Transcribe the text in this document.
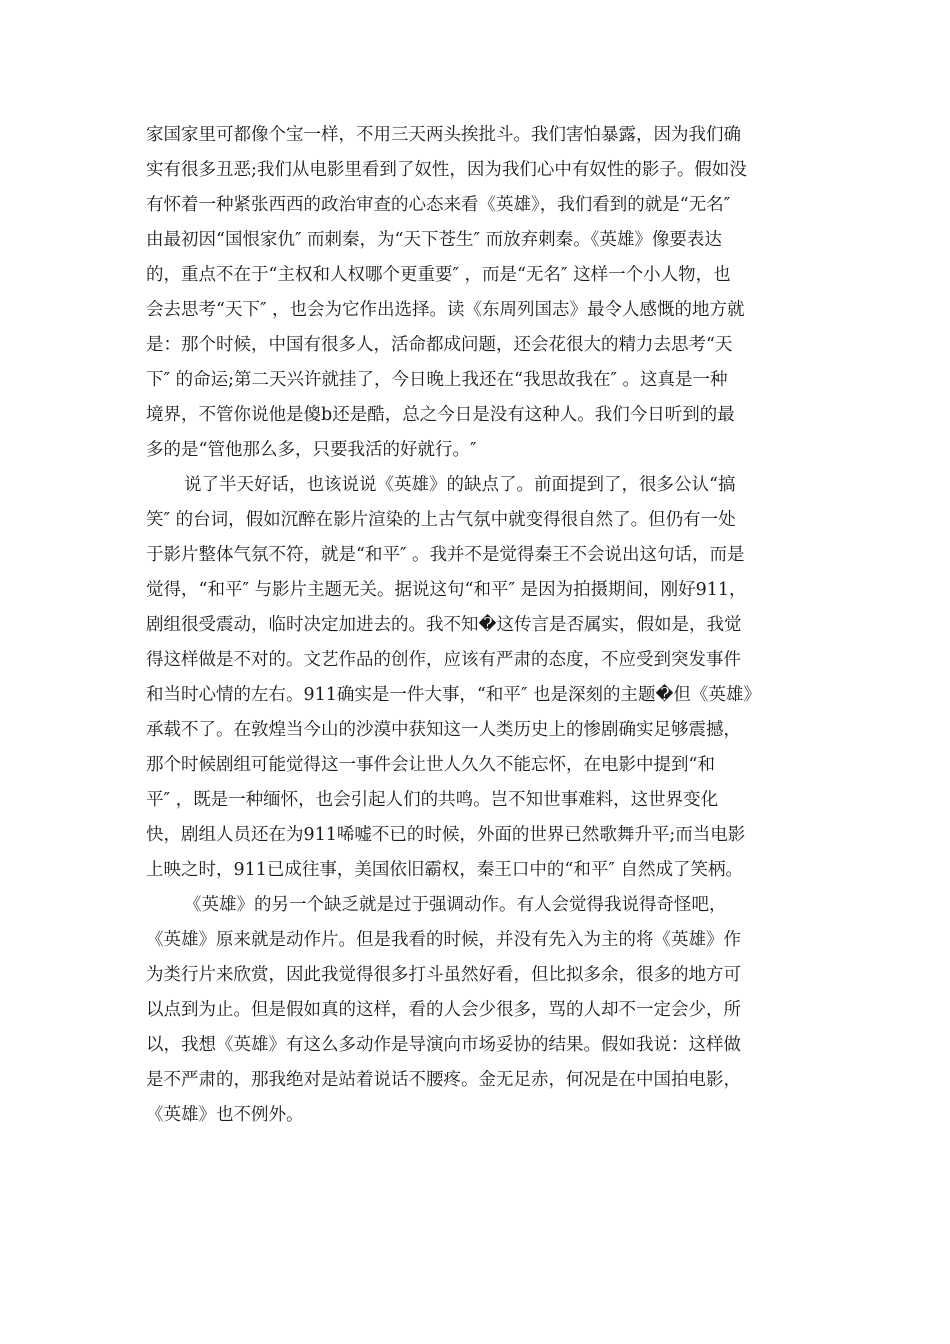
家国家里可都像个宝一样，不用三天两头挨批斗。我们害怕暴露，因为我们确
实有很多丑恶;我们从电影里看到了奴性，因为我们心中有奴性的影子。假如没
有怀着一种紧张西西的政治审查的心态来看《英雄》，我们看到的就是“无名″
由最初因“国恨家仇″ 而刺秦，为“天下苍生″ 而放弃刺秦。《英雄》像要表达
的，重点不在于“主权和人权哪个更重要″ ，而是“无名″ 这样一个小人物，也
会去思考“天下″ ，也会为它作出选择。读《东周列国志》最令人感慨的地方就
是：那个时候，中国有很多人，活命都成问题，还会花很大的精力去思考“天
下″ 的命运;第二天兴许就挂了，今日晚上我还在“我思故我在″ 。这真是一种
境界，不管你说他是傻b还是酷，总之今日是没有这种人。我们今日听到的最
多的是“管他那么多，只要我活的好就行。″
说了半天好话，也该说说《英雄》的缺点了。前面提到了，很多公认“搞
笑″ 的台词，假如沉醉在影片渲染的上古气氛中就变得很自然了。但仍有一处
于影片整体气氛不符，就是“和平″ 。我并不是觉得秦王不会说出这句话，而是
觉得，“和平″ 与影片主题无关。据说这句“和平″ 是因为拍摄期间，刚好911，
剧组很受震动，临时决定加进去的。我不知�这传言是否属实，假如是，我觉
得这样做是不对的。文艺作品的创作，应该有严肃的态度，不应受到突发事件
和当时心情的左右。911确实是一件大事，“和平″ 也是深刻的主题�但《英雄》
承载不了。在敦煌当今山的沙漠中获知这一人类历史上的惨剧确实足够震撼，
那个时候剧组可能觉得这一事件会让世人久久不能忘怀，在电影中提到“和
平″ ，既是一种缅怀，也会引起人们的共鸣。岂不知世事难料，这世界变化
快，剧组人员还在为911唏嘘不已的时候，外面的世界已然歌舞升平;而当电影
上映之时，911已成往事，美国依旧霸权，秦王口中的“和平″ 自然成了笑柄。
《英雄》的另一个缺乏就是过于强调动作。有人会觉得我说得奇怪吧，
《英雄》原来就是动作片。但是我看的时候，并没有先入为主的将《英雄》作
为类行片来欣赏，因此我觉得很多打斗虽然好看，但比拟多余，很多的地方可
以点到为止。但是假如真的这样，看的人会少很多，骂的人却不一定会少，所
以，我想《英雄》有这么多动作是导演向市场妥协的结果。假如我说：这样做
是不严肃的，那我绝对是站着说话不腰疼。金无足赤，何况是在中国拍电影，
《英雄》也不例外。
